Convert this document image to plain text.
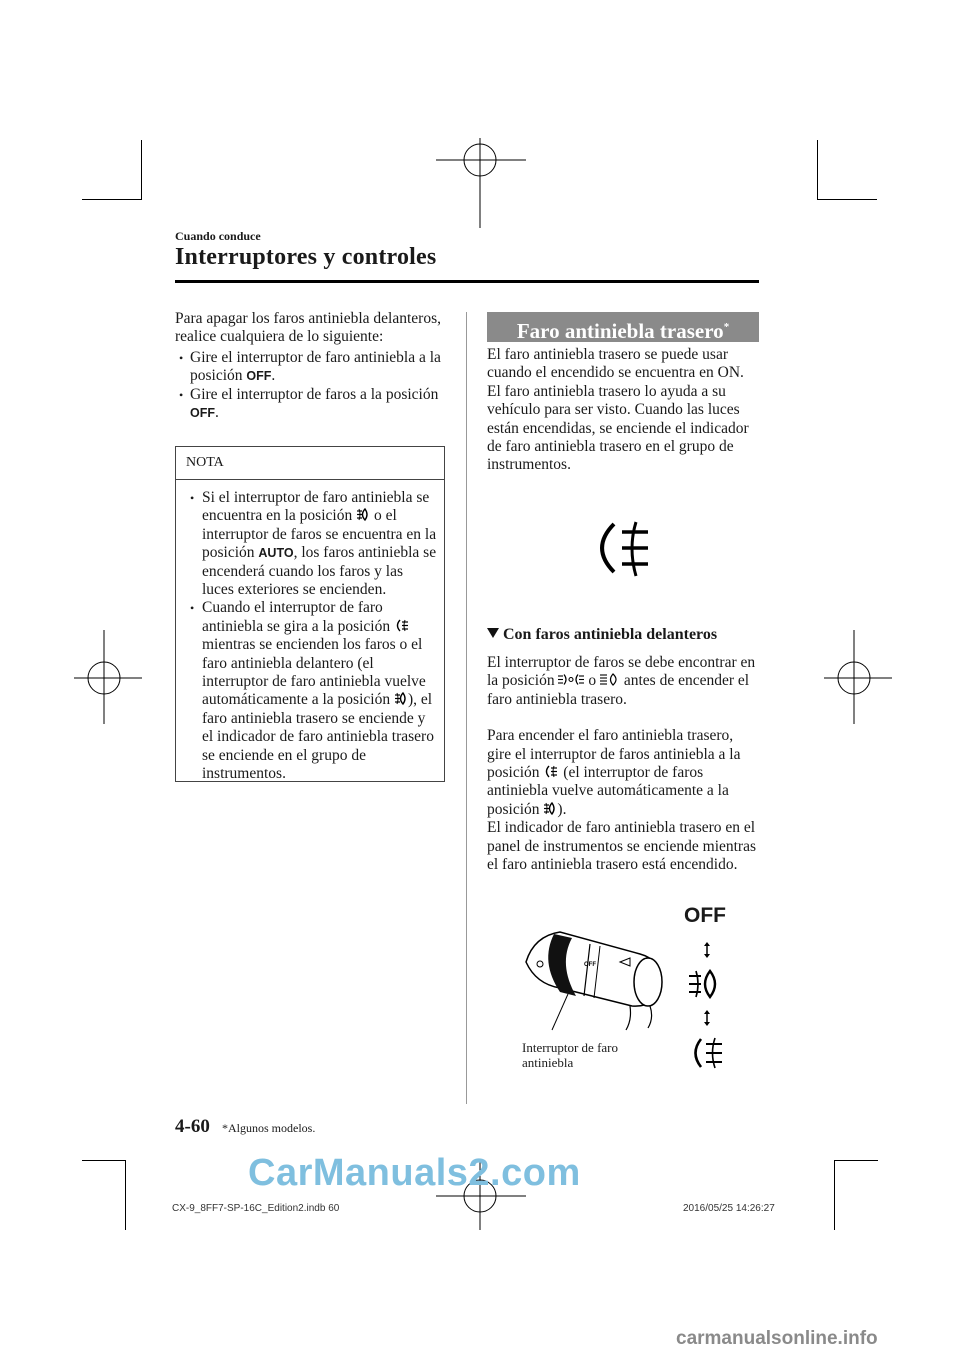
Cuando conduce
Interruptores y controles

Para apagar los faros antiniebla delanteros, realice cualquiera de lo siguiente:

• Gire el interruptor de faro antiniebla a la posición OFF.

• Gire el interruptor de faros a la posición OFF.

NOTA

• Si el interruptor de faro antiniebla se encuentra en la posición  o el interruptor de faros se encuentra en la posición AUTO, los faros antiniebla se encenderá cuando los faros y las luces exteriores se encienden.

• Cuando el interruptor de faro antiniebla se gira a la posición  mientras se encienden los faros o el faro antiniebla delantero (el interruptor de faro antiniebla vuelve automáticamente a la posición ), el faro antiniebla trasero se enciende y el indicador de faro antiniebla trasero se enciende en el grupo de instrumentos.

Faro antiniebla trasero*

El faro antiniebla trasero se puede usar cuando el encendido se encuentra en ON. El faro antiniebla trasero lo ayuda a su vehículo para ser visto. Cuando las luces están encendidas, se enciende el indicador de faro antiniebla trasero en el grupo de instrumentos.

Con faros antiniebla delanteros

El interruptor de faros se debe encontrar en la posición  o  antes de encender el faro antiniebla trasero.

Para encender el faro antiniebla trasero, gire el interruptor de faros antiniebla a la posición  (el interruptor de faros antiniebla vuelve automáticamente a la posición ).

El indicador de faro antiniebla trasero en el panel de instrumentos se enciende mientras el faro antiniebla trasero está encendido.

OFF
OFF
Interruptor de faro
antiniebla
4-60 *Algunos modelos.
CX-9_8FF7-SP-16C_Edition2.indb 60	2016/05/25 14:26:27
CarManuals2.com
carmanualsonline.info
